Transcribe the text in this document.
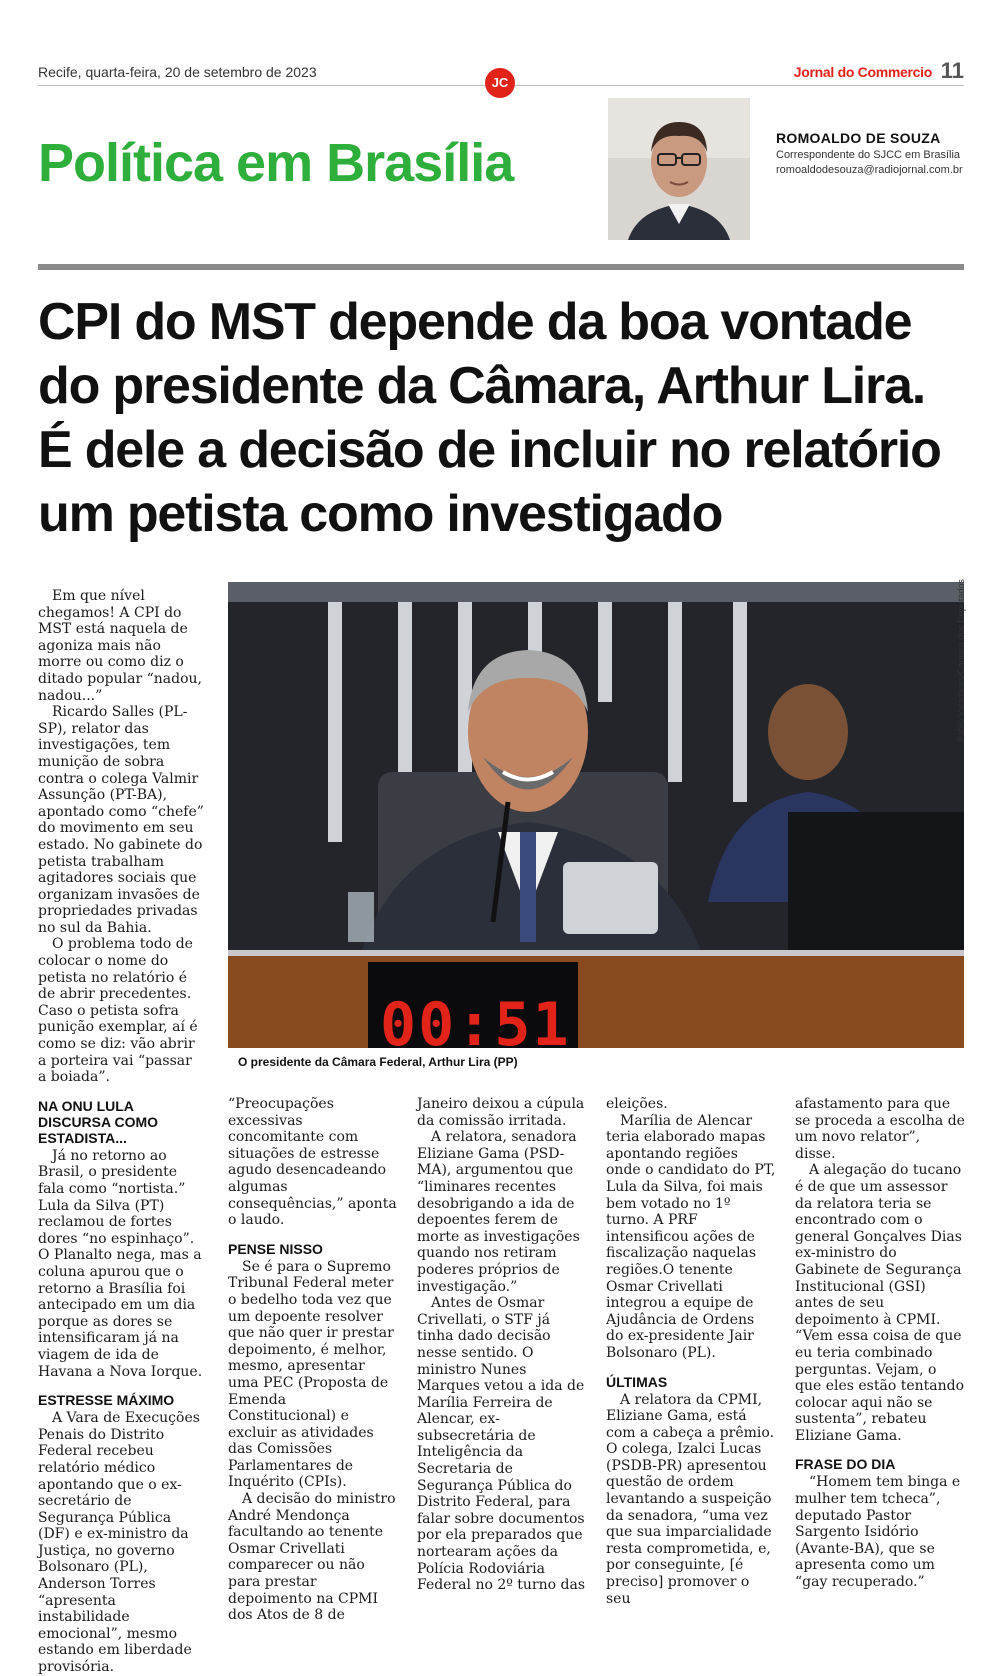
Recife, quarta-feira, 20 de setembro de 2023
JC
Jornal do Commercio 11
Política em Brasília	ROMOALDO DE SOUZA
Correspondente do SJCC em Brasília
romoaldodesouza@radiojornal.com.br
CPI do MST depende da boa vontade do presidente da Câmara, Arthur Lira. É dele a decisão de incluir no relatório um petista como investigado

Em que nível chegamos! A CPI do MST está naquela de agoniza mais não morre ou como diz o ditado popular “nadou, nadou...”

Ricardo Salles (PL-SP), relator das investigações, tem munição de sobra contra o colega Valmir Assunção (PT-BA), apontado como “chefe” do movimento em seu estado. No gabinete do petista trabalham agitadores sociais que organizam invasões de propriedades privadas no sul da Bahia.

O problema todo de colocar o nome do petista no relatório é de abrir precedentes. Caso o petista sofra punição exemplar, aí é como se diz: vão abrir a porteira vai “passar a boiada”.

NA ONU LULA DISCURSA COMO ESTADISTA...

Já no retorno ao Brasil, o presidente fala como “nortista.” Lula da Silva (PT) reclamou de fortes dores “no espinhaço”. O Planalto nega, mas a coluna apurou que o retorno a Brasília foi antecipado em um dia porque as dores se intensificaram já na viagem de ida de Havana a Nova Iorque.

ESTRESSE MÁXIMO

A Vara de Execuções Penais do Distrito Federal recebeu relatório médico apontando que o ex-secretário de Segurança Pública (DF) e ex-ministro da Justiça, no governo Bolsonaro (PL), Anderson Torres “apresenta instabilidade emocional”, mesmo estando em liberdade provisória.

00:51
Pablo Valadares/Câmara dos Deputados
O presidente da Câmara Federal, Arthur Lira (PP)

“Preocupações excessivas concomitante com situações de estresse agudo desencadeando algumas consequências,” aponta o laudo.

PENSE NISSO

Se é para o Supremo Tribunal Federal meter o bedelho toda vez que um depoente resolver que não quer ir prestar depoimento, é melhor, mesmo, apresentar uma PEC (Proposta de Emenda Constitucional) e excluir as atividades das Comissões Parlamentares de Inquérito (CPIs).

A decisão do ministro André Mendonça facultando ao tenente Osmar Crivellati comparecer ou não para prestar depoimento na CPMI dos Atos de 8 de

Janeiro deixou a cúpula da comissão irritada.

A relatora, senadora Eliziane Gama (PSD-MA), argumentou que “liminares recentes desobrigando a ida de depoentes ferem de morte as investigações quando nos retiram poderes próprios de investigação.”

Antes de Osmar Crivellati, o STF já tinha dado decisão nesse sentido. O ministro Nunes Marques vetou a ida de Marília Ferreira de Alencar, ex-subsecretária de Inteligência da Secretaria de Segurança Pública do Distrito Federal, para falar sobre documentos por ela preparados que nortearam ações da Polícia Rodoviária Federal no 2º turno das

eleições.

Marília de Alencar teria elaborado mapas apontando regiões onde o candidato do PT, Lula da Silva, foi mais bem votado no 1º turno. A PRF intensificou ações de fiscalização naquelas regiões.O tenente Osmar Crivellati integrou a equipe de Ajudância de Ordens do ex-presidente Jair Bolsonaro (PL).

ÚLTIMAS

A relatora da CPMI, Eliziane Gama, está com a cabeça a prêmio. O colega, Izalci Lucas (PSDB-PR) apresentou questão de ordem levantando a suspeição da senadora, “uma vez que sua imparcialidade resta comprometida, e, por conseguinte, [é preciso] promover o seu

afastamento para que se proceda a escolha de um novo relator”, disse.

A alegação do tucano é de que um assessor da relatora teria se encontrado com o general Gonçalves Dias ex-ministro do Gabinete de Segurança Institucional (GSI) antes de seu depoimento à CPMI. “Vem essa coisa de que eu teria combinado perguntas. Vejam, o que eles estão tentando colocar aqui não se sustenta”, rebateu Eliziane Gama.

FRASE DO DIA

“Homem tem binga e mulher tem tcheca”, deputado Pastor Sargento Isidório (Avante-BA), que se apresenta como um “gay recuperado.”
